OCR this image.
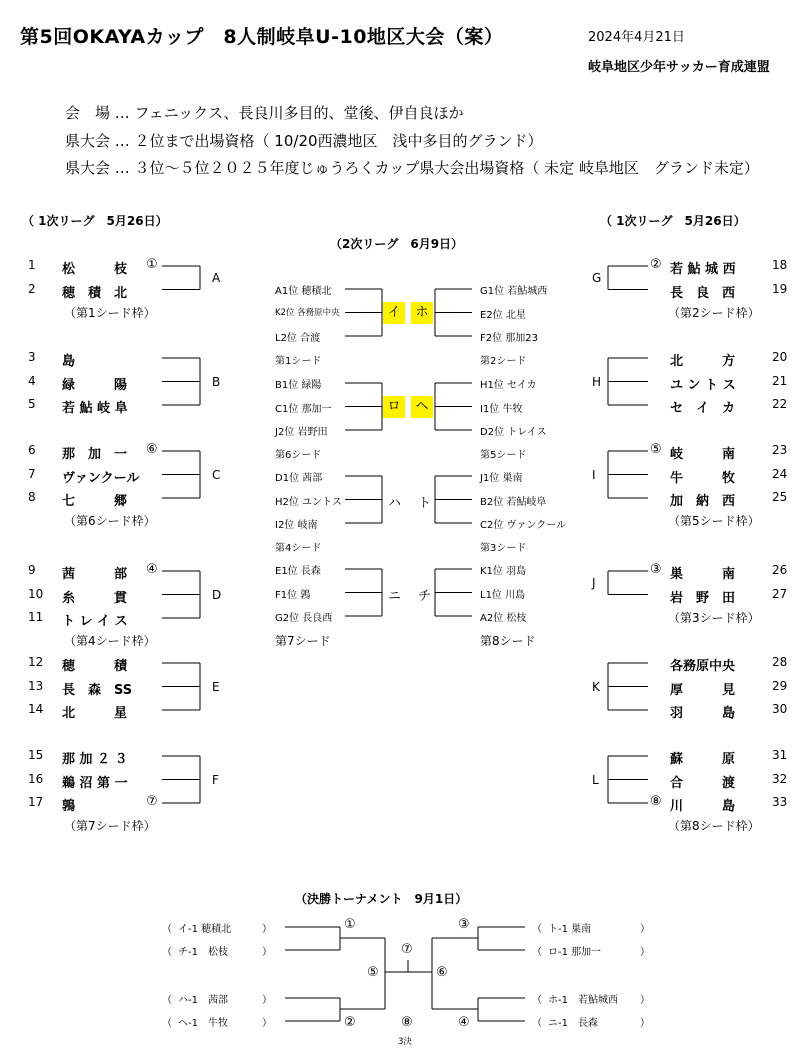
第5回OKAYAカップ　8人制岐阜U-10地区大会（案）	2024年4月21日
岐阜地区少年サッカー育成連盟
会　場 … フェニックス、長良川多目的、堂後、伊自良ほか
県大会 … ２位まで出場資格（ 10/20西濃地区　浅中多目的グランド）
県大会 … ３位～５位２０２５年度じゅうろくカップ県大会出場資格（ 未定 岐阜地区　グランド未定）
（ 1次リーグ　5月26日）	（ 1次リーグ　5月26日）
（2次リーグ　6月9日）
1	松　　　枝 ①
2	穂　積　北
A
（第1シード枠）
3	島
4	緑　　　陽
5	若 鮎 岐 阜
B
6	那　加　一 ⑥
7	ヴァンクール
8	七　　　郷
C
（第6シード枠）
9	茜　　　部 ④
10	糸　　　貫
11	ト レ イ ス
D
（第4シード枠）
12	穂　　　積
13	長　森　SS
14	北　　　星
E
15	那 加 ２ ３
16	鵜 沼 第 一
17	鶉	⑦
F
（第7シード枠）
② 若 鮎 城 西	18
長　良　西	19
G
（第2シード枠）
北　　　方	20
ユ ン ト ス	21
セ　イ　カ	22
H
⑤ 岐　　　南	23
牛　　　牧	24
加　納　西	25
I
（第5シード枠）
③ 巣　　　南	26
岩　野　田	27
J
（第3シード枠）
各務原中央	28
厚　　　見	29
羽　　　島	30
K
蘇　　　原	31
合　　　渡	32
⑧ 川　　　島	33
L
（第8シード枠）
A1位 穂積北
K2位 各務原中央
L2位 合渡
G1位 若鮎城西
E2位 北星
F2位 那加23
第1シード	第2シード
イ	ホ
B1位 緑陽
C1位 那加一
J2位 岩野田
H1位 セイカ
I1位 牛牧
D2位 トレイス
第6シード	第5シード
ロ	ヘ
D1位 茜部
H2位 ユントス
I2位 岐南
J1位 巣南
B2位 若鮎岐阜
C2位 ヴァンクール
第4シード	第3シード
ハ ト
E1位 長森
F1位 鶉
G2位 長良西
K1位 羽島
L1位 川島
A2位 松枝
第7シード	第8シード
ニ チ
（決勝トーナメント　9月1日）
（ イ-1 穂積北	）
（ チ-1　松枝	）
（ ハ-1　茜部	）
（ ヘ-1　牛牧	）
（ ト-1 巣南	）
（ ロ-1 那加一	）
（ ホ-1　若鮎城西 ）
（ ニ-1　長森	）
①
②
③
④
⑤	⑥
⑦
⑧
3決
